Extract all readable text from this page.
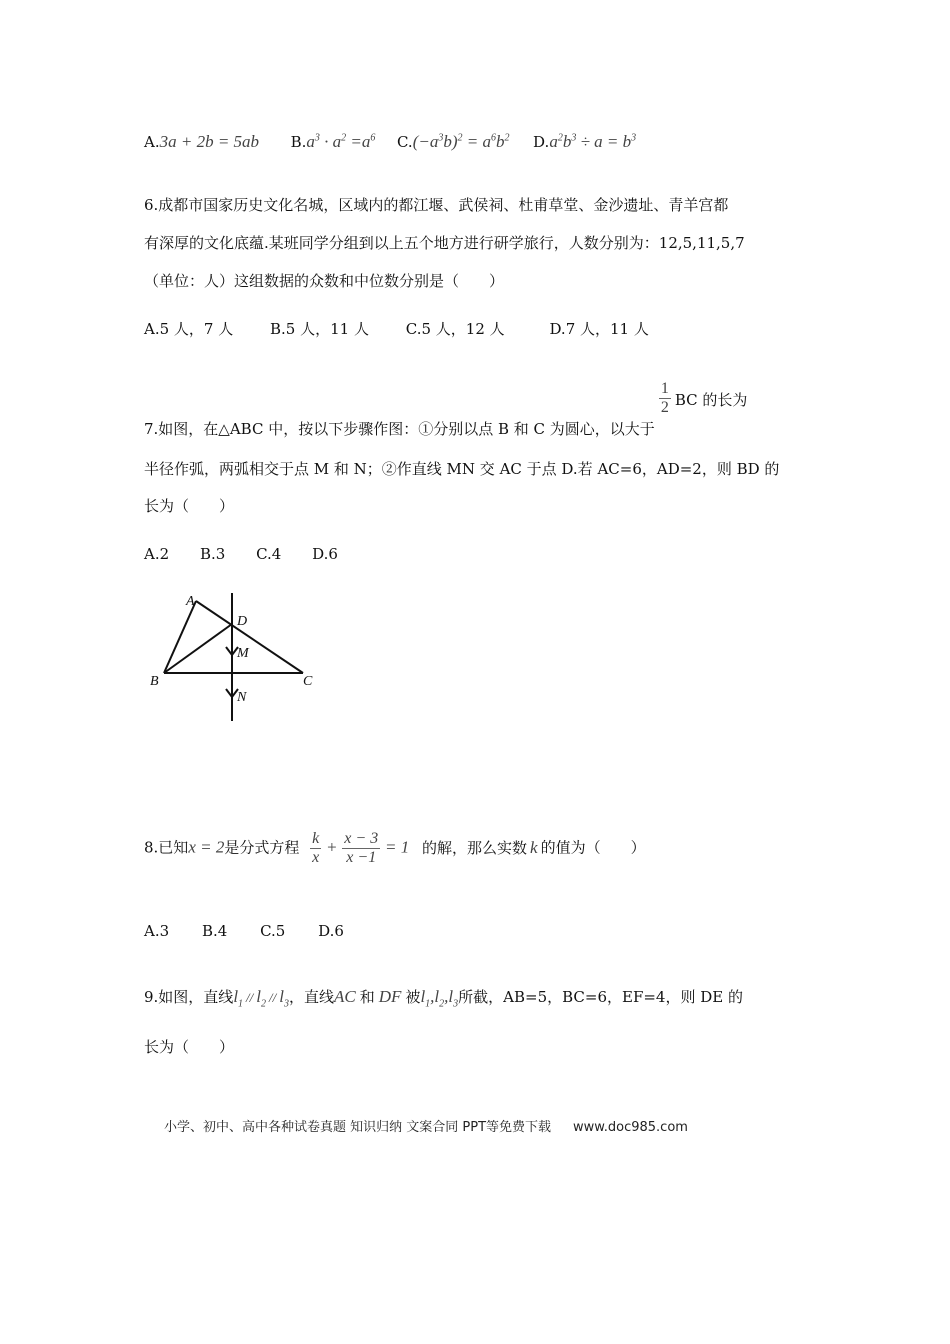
A.3a + 2b = 5ab $B.a^3 \cdot a^2 =a^6$ $C.(-a^3b)^2 = a^6b^2$ $D.a^2b^3 \div a = b^3$
6.成都市国家历史文化名城，区域内的都江堰、武侯祠、杜甫草堂、金沙遗址、青羊宫都
有深厚的文化底蕴.某班同学分组到以上五个地方进行研学旅行，人数分别为：12,5,11,5,7
（单位：人）这组数据的众数和中位数分别是（　　）
A.5 人，7 人 B.5 人，11 人 C.5 人，12 人	D.7 人，11 人
7.如图，在△ABC 中，按以下步骤作图：①分别以点 B 和 C 为圆心，以大于
$\frac{1}{2}$ BC 的长为
半径作弧，两弧相交于点 M 和 N；②作直线 MN 交 AC 于点 D.若 AC=6，AD=2，则 BD 的
长为（　　）
A.2 B.3 C.4 D.6
A
B	C
D
M
N
8.已知x = 2是分式方程 $\frac{k}{x} + \frac{x - 3}{x -1} = 1$ 的解，那么实数 k 的值为（　　）
A.3 B.4 C.5 D.6
9.如图，直线$l_1 // l_2 // l_3$，直线AC 和 DF 被$l_1,l_2,l_3$所截，AB=5，BC=6，EF=4，则 DE 的
长为（　　）
小学、初中、高中各种试卷真题 知识归纳 文案合同 PPT等免费下载 www.doc985.com
